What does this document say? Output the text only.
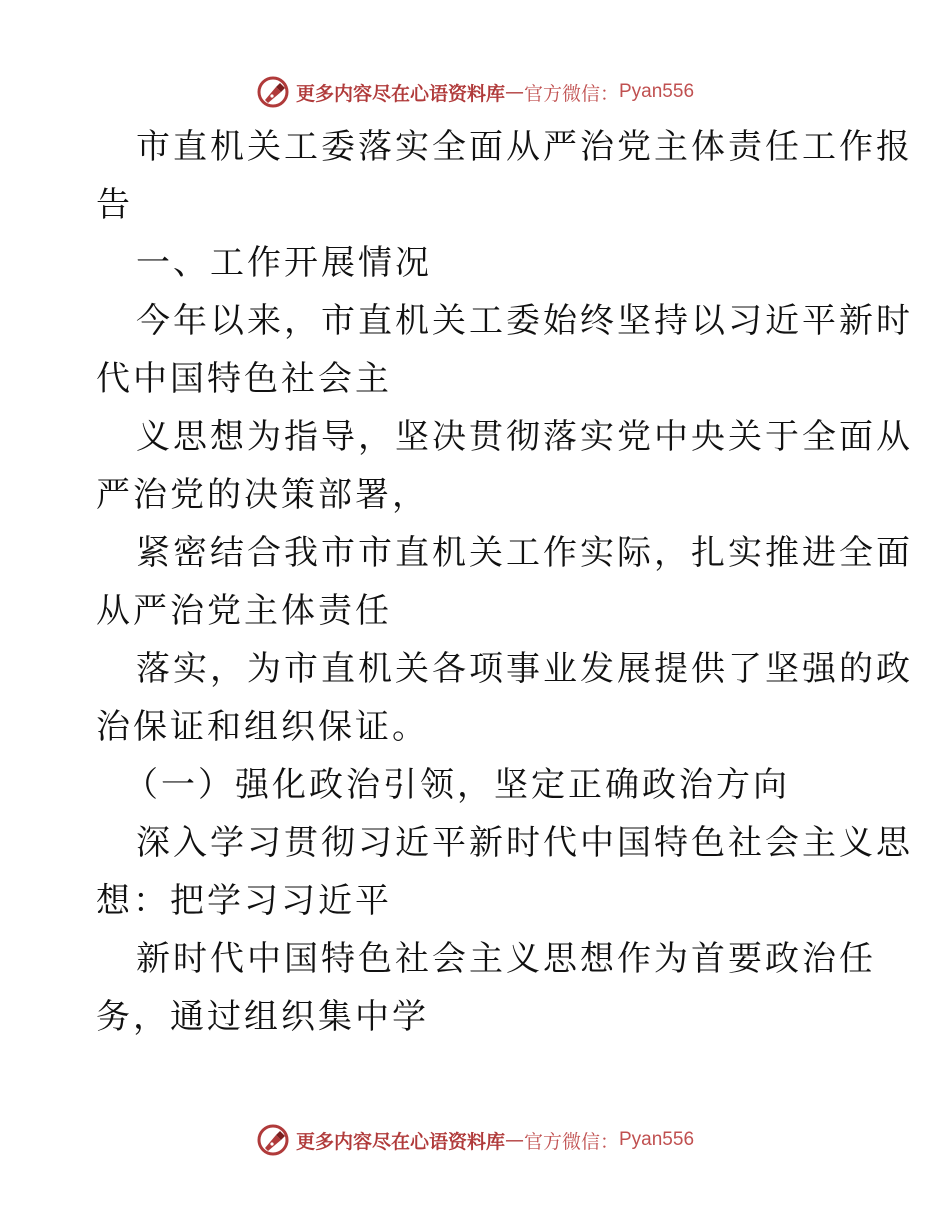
更多内容尽在心语资料库 — 官方微信： Pyan556
市直机关工委落实全面从严治党主体责任工作报
告
一、工作开展情况
今年以来，市直机关工委始终坚持以习近平新时
代中国特色社会主
义思想为指导，坚决贯彻落实党中央关于全面从
严治党的决策部署，
紧密结合我市市直机关工作实际，扎实推进全面
从严治党主体责任
落实，为市直机关各项事业发展提供了坚强的政
治保证和组织保证。
（一）强化政治引领，坚定正确政治方向
深入学习贯彻习近平新时代中国特色社会主义思
想：把学习习近平
新时代中国特色社会主义思想作为首要政治任
务，通过组织集中学
更多内容尽在心语资料库 — 官方微信： Pyan556
